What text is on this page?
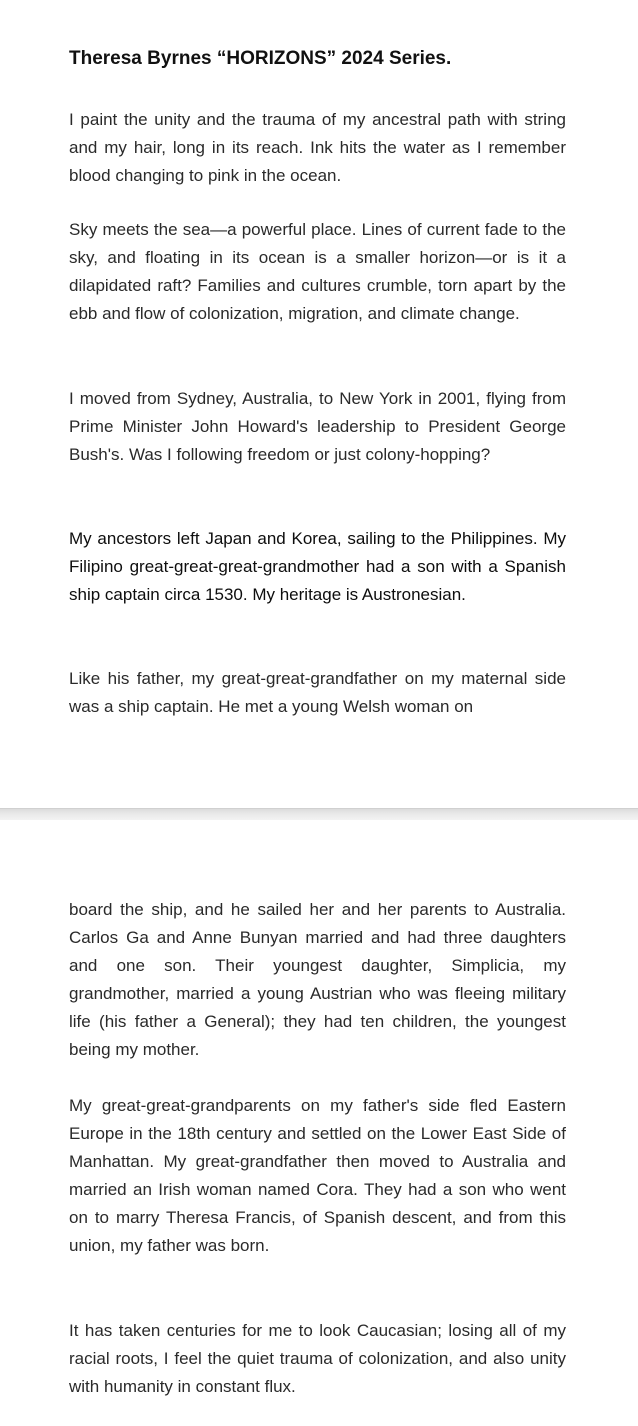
Theresa Byrnes “HORIZONS” 2024 Series.

I paint the unity and the trauma of my ancestral path with string and my hair, long in its reach. Ink hits the water as I remember blood changing to pink in the ocean.

Sky meets the sea—a powerful place. Lines of current fade to the sky, and floating in its ocean is a smaller horizon—or is it a dilapidated raft? Families and cultures crumble, torn apart by the ebb and flow of colonization, migration, and climate change.

I moved from Sydney, Australia, to New York in 2001, flying from Prime Minister John Howard's leadership to President George Bush's. Was I following freedom or just colony-hopping?

My ancestors left Japan and Korea, sailing to the Philippines. My Filipino great-great-great-grandmother had a son with a Spanish ship captain circa 1530. My heritage is Austronesian.

Like his father, my great-great-grandfather on my maternal side was a ship captain. He met a young Welsh woman on

board the ship, and he sailed her and her parents to Australia. Carlos Ga and Anne Bunyan married and had three daughters and one son. Their youngest daughter, Simplicia, my grandmother, married a young Austrian who was fleeing military life (his father a General); they had ten children, the youngest being my mother.

My great-great-grandparents on my father's side fled Eastern Europe in the 18th century and settled on the Lower East Side of Manhattan. My great-grandfather then moved to Australia and married an Irish woman named Cora. They had a son who went on to marry Theresa Francis, of Spanish descent, and from this union, my father was born.

It has taken centuries for me to look Caucasian; losing all of my racial roots, I feel the quiet trauma of colonization, and also unity with humanity in constant flux.
